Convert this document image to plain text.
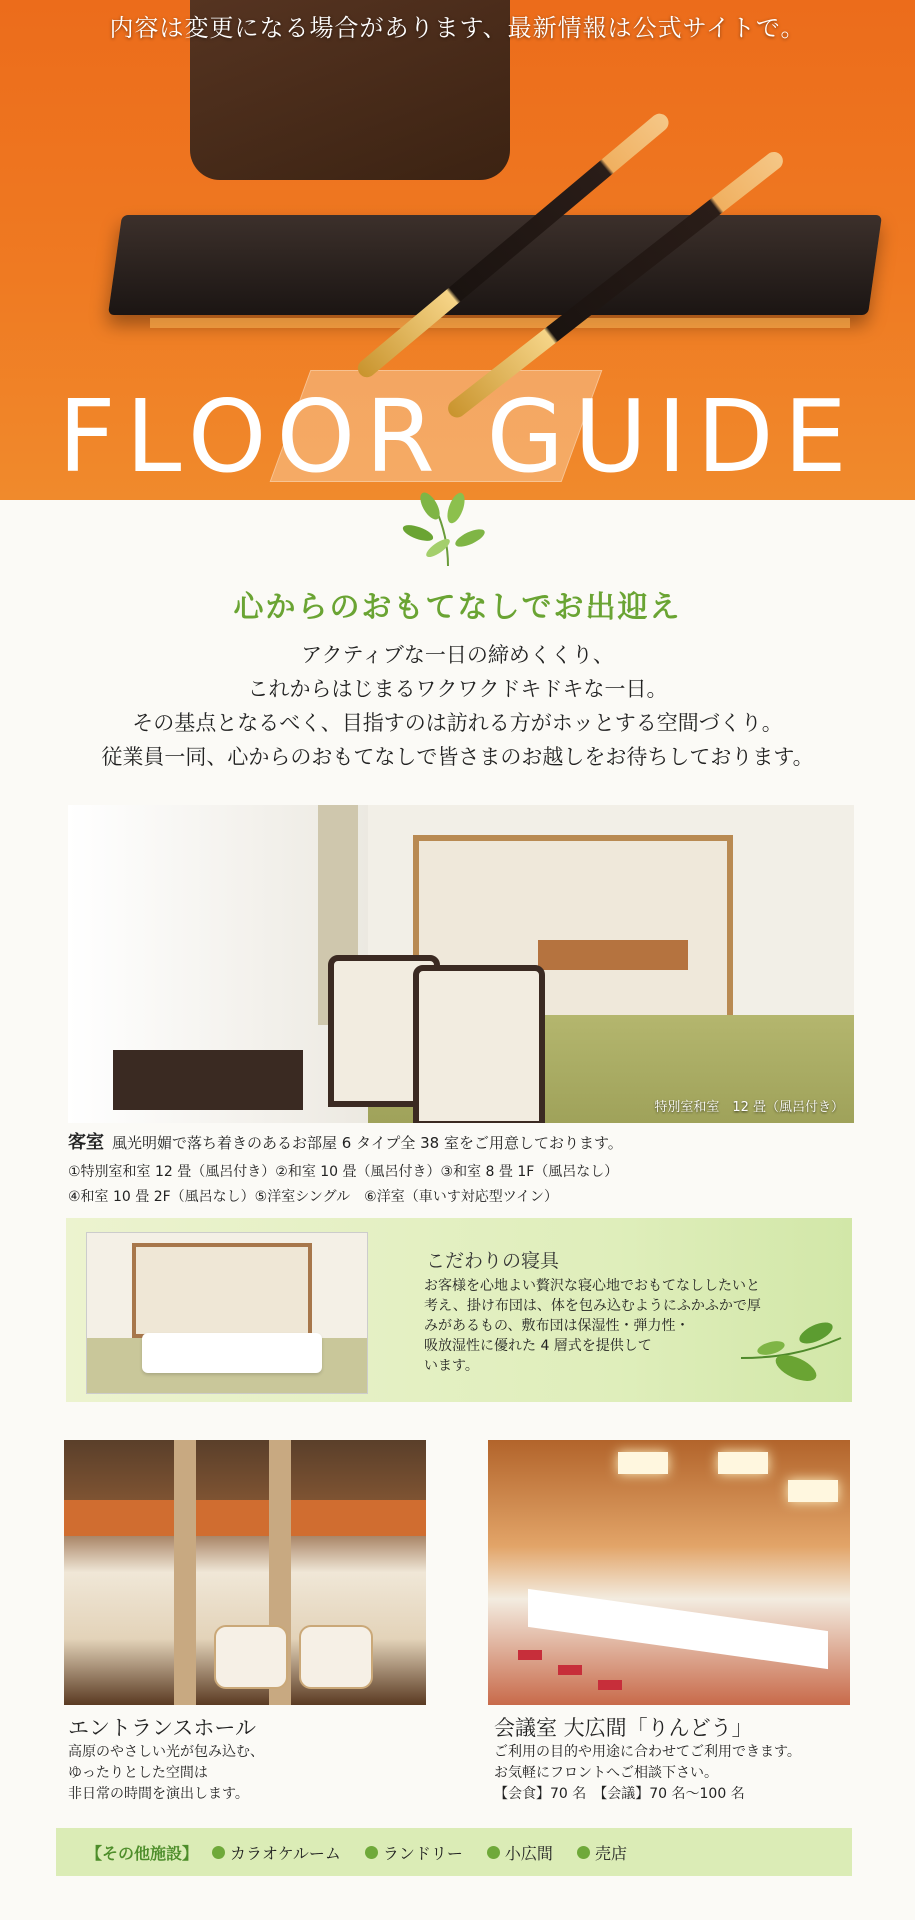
内容は変更になる場合があります、最新情報は公式サイトで。
FLOOR GUIDE
心からのおもてなしでお出迎え
アクティブな一日の締めくくり、
これからはじまるワクワクドキドキな一日。
その基点となるべく、目指すのは訪れる方がホッとする空間づくり。
従業員一同、心からのおもてなしで皆さまのお越しをお待ちしております。
特別室和室　12 畳（風呂付き）
客室 風光明媚で落ち着きのあるお部屋 6 タイプ全 38 室をご用意しております。
①特別室和室 12 畳（風呂付き）②和室 10 畳（風呂付き）③和室 8 畳 1F（風呂なし）
④和室 10 畳 2F（風呂なし）⑤洋室シングル　⑥洋室（車いす対応型ツイン）
こだわりの寝具
お客様を心地よい贅沢な寝心地でおもてなししたいと
考え、掛け布団は、体を包み込むようにふかふかで厚
みがあるもの、敷布団は保湿性・弾力性・
吸放湿性に優れた 4 層式を提供して
います。
エントランスホール
高原のやさしい光が包み込む、
ゆったりとした空間は
非日常の時間を演出します。
会議室 大広間「りんどう」
ご利用の目的や用途に合わせてご利用できます。
お気軽にフロントへご相談下さい。
【会食】70 名　【会議】70 名～100 名
【その他施設】 カラオケルーム	ランドリー	小広間	売店
